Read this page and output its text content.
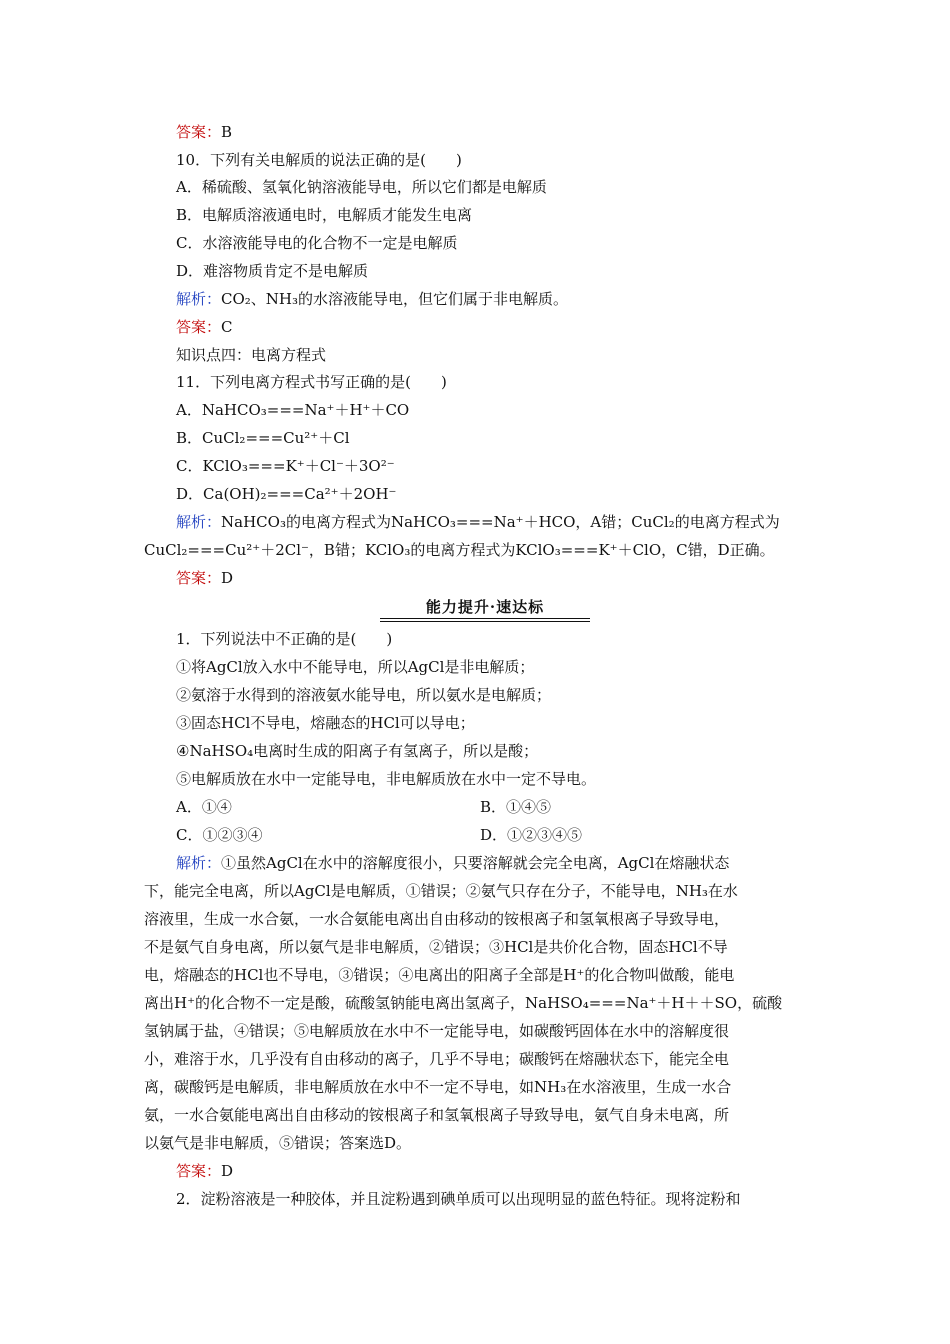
答案：B
10．下列有关电解质的说法正确的是(　　)
A．稀硫酸、氢氧化钠溶液能导电，所以它们都是电解质
B．电解质溶液通电时，电解质才能发生电离
C．水溶液能导电的化合物不一定是电解质
D．难溶物质肯定不是电解质
解析：CO₂、NH₃的水溶液能导电，但它们属于非电解质。
答案：C
知识点四：电离方程式
11．下列电离方程式书写正确的是(　　)
A．NaHCO₃===Na⁺＋H⁺＋CO
B．CuCl₂===Cu²⁺＋Cl
C．KClO₃===K⁺＋Cl⁻＋3O²⁻
D．Ca(OH)₂===Ca²⁺＋2OH⁻
解析：NaHCO₃的电离方程式为NaHCO₃===Na⁺＋HCO，A错；CuCl₂的电离方程式为
CuCl₂===Cu²⁺＋2Cl⁻，B错；KClO₃的电离方程式为KClO₃===K⁺＋ClO，C错，D正确。
答案：D
能力提升·速达标
1．下列说法中不正确的是(　　)
①将AgCl放入水中不能导电，所以AgCl是非电解质；
②氨溶于水得到的溶液氨水能导电，所以氨水是电解质；
③固态HCl不导电，熔融态的HCl可以导电；
④NaHSO₄电离时生成的阳离子有氢离子，所以是酸；
⑤电解质放在水中一定能导电，非电解质放在水中一定不导电。
A．①④	B．①④⑤
C．①②③④	D．①②③④⑤
解析：①虽然AgCl在水中的溶解度很小，只要溶解就会完全电离，AgCl在熔融状态
下，能完全电离，所以AgCl是电解质，①错误；②氨气只存在分子，不能导电，NH₃在水
溶液里，生成一水合氨，一水合氨能电离出自由移动的铵根离子和氢氧根离子导致导电，
不是氨气自身电离，所以氨气是非电解质，②错误；③HCl是共价化合物，固态HCl不导
电，熔融态的HCl也不导电，③错误；④电离出的阳离子全部是H⁺的化合物叫做酸，能电
离出H⁺的化合物不一定是酸，硫酸氢钠能电离出氢离子，NaHSO₄===Na⁺＋H＋＋SO，硫酸
氢钠属于盐，④错误；⑤电解质放在水中不一定能导电，如碳酸钙固体在水中的溶解度很
小，难溶于水，几乎没有自由移动的离子，几乎不导电；碳酸钙在熔融状态下，能完全电
离，碳酸钙是电解质，非电解质放在水中不一定不导电，如NH₃在水溶液里，生成一水合
氨，一水合氨能电离出自由移动的铵根离子和氢氧根离子导致导电，氨气自身未电离，所
以氨气是非电解质，⑤错误；答案选D。
答案：D
2．淀粉溶液是一种胶体，并且淀粉遇到碘单质可以出现明显的蓝色特征。现将淀粉和
